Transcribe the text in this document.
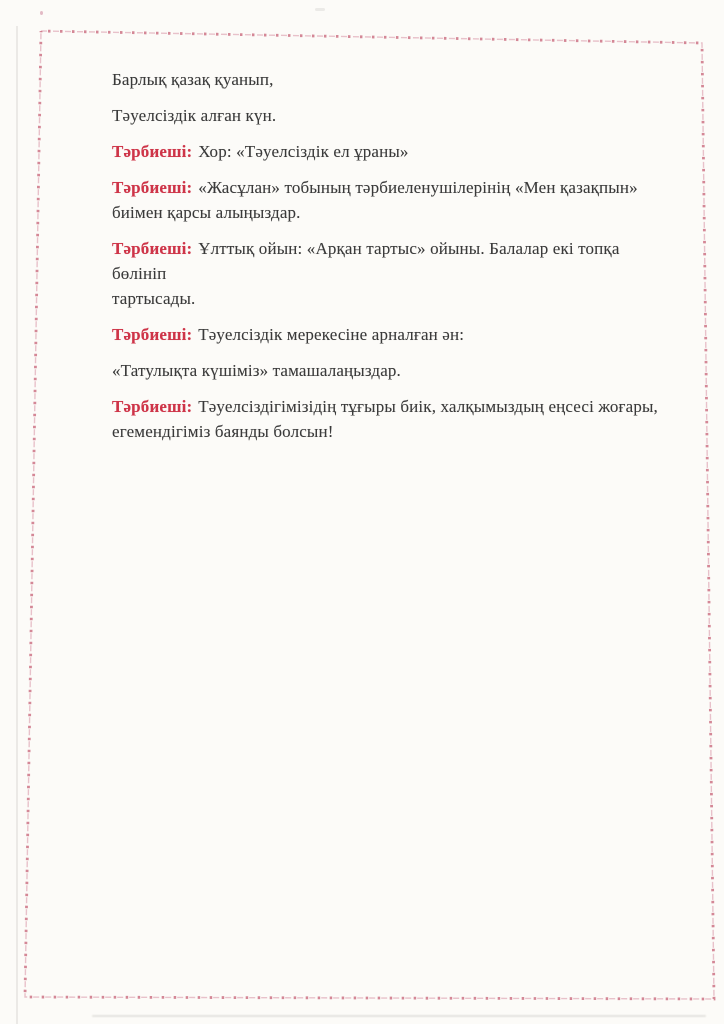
Барлық қазақ қуанып,

Тәуелсіздік алған күн.

Тәрбиеші: Хор: «Тәуелсіздік ел ұраны»

Тәрбиеші: «Жасұлан» тобының тәрбиеленушілерінің «Мен қазақпын»
биімен қарсы алыңыздар.

Тәрбиеші: Ұлттық ойын: «Арқан тартыс» ойыны. Балалар екі топқа бөлініп
тартысады.

Тәрбиеші: Тәуелсіздік мерекесіне арналған ән:

«Татулықта күшіміз» тамашалаңыздар.

Тәрбиеші: Тәуелсіздігімізідің тұғыры биік, халқымыздың еңсесі жоғары,
егемендігіміз баянды болсын!
